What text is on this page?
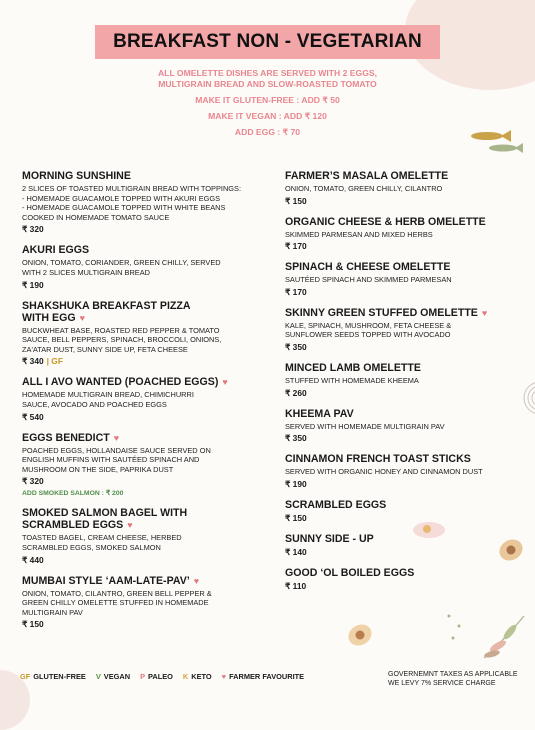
BREAKFAST NON - VEGETARIAN
ALL OMELETTE DISHES ARE SERVED WITH 2 EGGS,
MULTIGRAIN BREAD AND SLOW-ROASTED TOMATO
MAKE IT GLUTEN-FREE : ADD ₹ 50
MAKE IT VEGAN : ADD ₹ 120
ADD EGG : ₹ 70
MORNING SUNSHINE
2 SLICES OF TOASTED MULTIGRAIN BREAD WITH TOPPINGS:
- HOMEMADE GUACAMOLE TOPPED WITH AKURI EGGS
- HOMEMADE GUACAMOLE TOPPED WITH WHITE BEANS
COOKED IN HOMEMADE TOMATO SAUCE
₹ 320
AKURI EGGS
ONION, TOMATO, CORIANDER, GREEN CHILLY, SERVED
WITH 2 SLICES MULTIGRAIN BREAD
₹ 190
SHAKSHUKA BREAKFAST PIZZA
WITH EGG ♥
BUCKWHEAT BASE, ROASTED RED PEPPER & TOMATO
SAUCE, BELL PEPPERS, SPINACH, BROCCOLI, ONIONS,
ZA'ATAR DUST, SUNNY SIDE UP, FETA CHEESE
₹ 340 | GF
ALL I AVO WANTED (POACHED EGGS) ♥
HOMEMADE MULTIGRAIN BREAD, CHIMICHURRI
SAUCE, AVOCADO AND POACHED EGGS
₹ 540
EGGS BENEDICT ♥
POACHED EGGS, HOLLANDAISE SAUCE SERVED ON
ENGLISH MUFFINS WITH SAUTÉED SPINACH AND
MUSHROOM ON THE SIDE, PAPRIKA DUST
₹ 320
ADD SMOKED SALMON : ₹ 200
SMOKED SALMON BAGEL WITH
SCRAMBLED EGGS ♥
TOASTED BAGEL, CREAM CHEESE, HERBED
SCRAMBLED EGGS, SMOKED SALMON
₹ 440
MUMBAI STYLE ‘AAM-LATE-PAV’ ♥
ONION, TOMATO, CILANTRO, GREEN BELL PEPPER &
GREEN CHILLY OMELETTE STUFFED IN HOMEMADE
MULTIGRAIN PAV
₹ 150
FARMER’S MASALA OMELETTE
ONION, TOMATO, GREEN CHILLY, CILANTRO
₹ 150
ORGANIC CHEESE & HERB OMELETTE
SKIMMED PARMESAN AND MIXED HERBS
₹ 170
SPINACH & CHEESE OMELETTE
SAUTÉED SPINACH AND SKIMMED PARMESAN
₹ 170
SKINNY GREEN STUFFED OMELETTE ♥
KALE, SPINACH, MUSHROOM, FETA CHEESE &
SUNFLOWER SEEDS TOPPED WITH AVOCADO
₹ 350
MINCED LAMB OMELETTE
STUFFED WITH HOMEMADE KHEEMA
₹ 260
KHEEMA PAV
SERVED WITH HOMEMADE MULTIGRAIN PAV
₹ 350
CINNAMON FRENCH TOAST STICKS
SERVED WITH ORGANIC HONEY AND CINNAMON DUST
₹ 190
SCRAMBLED EGGS
₹ 150
SUNNY SIDE - UP
₹ 140
GOOD ‘OL BOILED EGGS
₹ 110
GF GLUTEN-FREE V VEGAN P PALEO K KETO ♥ FARMER FAVOURITE	GOVERNEMNT TAXES AS APPLICABLE
WE LEVY 7% SERVICE CHARGE
